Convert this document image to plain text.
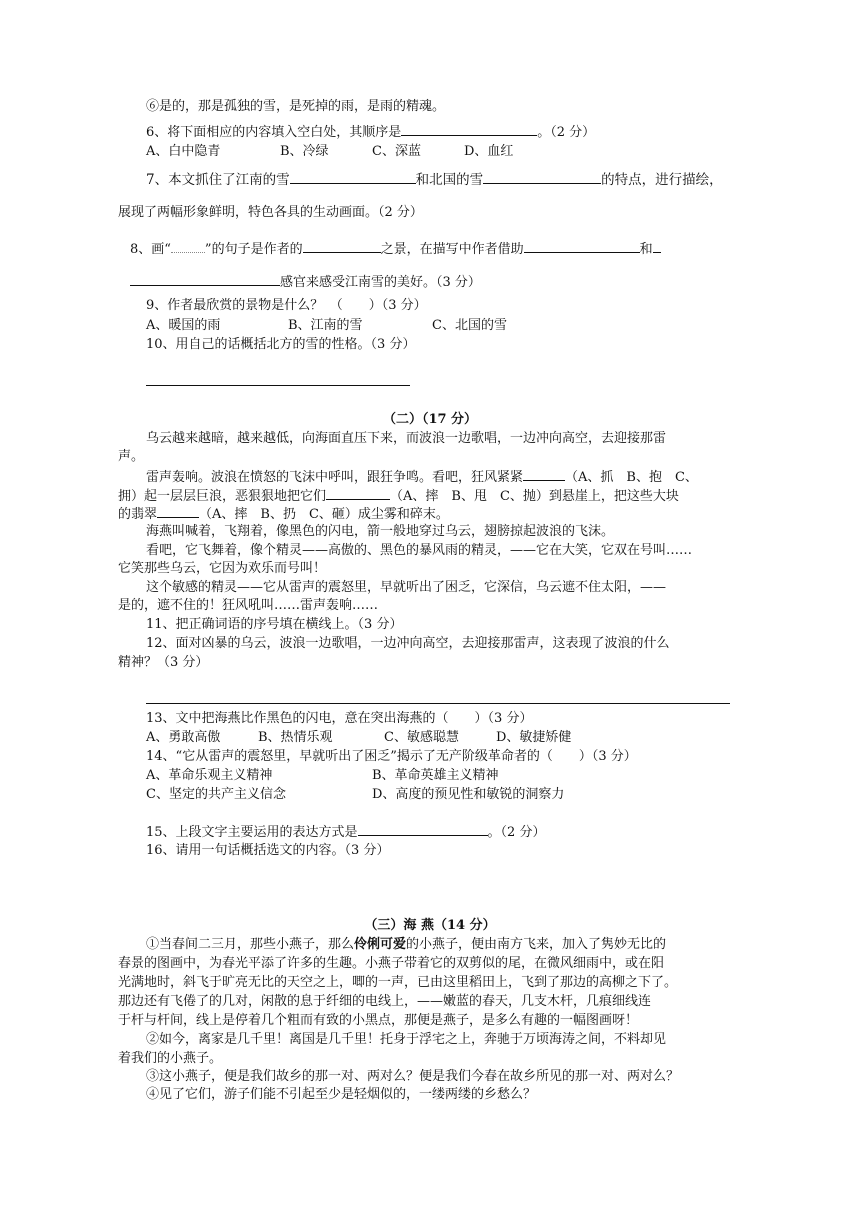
⑥是的，那是孤独的雪，是死掉的雨，是雨的精魂。
6、将下面相应的内容填入空白处，其顺序是	。（2 分）
A、白中隐青	B、冷绿	C、深蓝	D、血红
7、本文抓住了江南的雪	和北国的雪	的特点，进行描绘，
展现了两幅形象鲜明，特色各具的生动画面。（2 分）
8、画“	”的句子是作者的	之景，在描写中作者借助	和
感官来感受江南雪的美好。（3 分）
9、作者最欣赏的景物是什么？　（　　）（3 分）
A、暖国的雨	B、江南的雪	C、北国的雪
10、用自己的话概括北方的雪的性格。（3 分）
（二）（17 分）
乌云越来越暗，越来越低，向海面直压下来，而波浪一边歌唱，一边冲向高空，去迎接那雷
声。
雷声轰响。波浪在愤怒的飞沫中呼叫，跟狂争鸣。看吧，狂风紧紧	（A、抓　B、抱　C、
拥）起一层层巨浪，恶狠狠地把它们	（A、摔　B、甩　C、抛）到悬崖上，把这些大块
的翡翠	（A、摔　B、扔　C、砸）成尘雾和碎末。
海燕叫喊着，飞翔着，像黑色的闪电，箭一般地穿过乌云，翅膀掠起波浪的飞沫。
看吧，它飞舞着，像个精灵——高傲的、黑色的暴风雨的精灵，——它在大笑，它双在号叫……
它笑那些乌云，它因为欢乐而号叫！
这个敏感的精灵——它从雷声的震怒里，早就听出了困乏，它深信，乌云遮不住太阳，——
是的，遮不住的！狂风吼叫……雷声轰响……
11、把正确词语的序号填在横线上。（3 分）
12、面对凶暴的乌云，波浪一边歌唱，一边冲向高空，去迎接那雷声，这表现了波浪的什么
精神？（3 分）
13、文中把海燕比作黑色的闪电，意在突出海燕的（　　）（3 分）
A、勇敢高傲	B、热情乐观	C、敏感聪慧	D、敏捷矫健
14、“它从雷声的震怒里，早就听出了困乏”揭示了无产阶级革命者的（　　）（3 分）
A、革命乐观主义精神	B、革命英雄主义精神
C、坚定的共产主义信念	D、高度的预见性和敏锐的洞察力
15、上段文字主要运用的表达方式是	。（2 分）
16、请用一句话概括选文的内容。（3 分）
（三）海 燕（14 分）
①当春间二三月，那些小燕子，那么伶俐可爱的小燕子，便由南方飞来，加入了隽妙无比的
春景的图画中，为春光平添了许多的生趣。小燕子带着它的双剪似的尾，在微风细雨中，或在阳
光满地时，斜飞于旷亮无比的天空之上，唧的一声，已由这里稻田上，飞到了那边的高柳之下了。
那边还有飞倦了的几对，闲散的息于纤细的电线上，——嫩蓝的春天，几支木杆，几痕细线连
于杆与杆间，线上是停着几个粗而有致的小黑点，那便是燕子，是多么有趣的一幅图画呀！
②如今，离家是几千里！离国是几千里！托身于浮宅之上，奔驰于万顷海涛之间，不料却见
着我们的小燕子。
③这小燕子，便是我们故乡的那一对、两对么？便是我们今春在故乡所见的那一对、两对么？
④见了它们，游子们能不引起至少是轻烟似的，一缕两缕的乡愁么？
